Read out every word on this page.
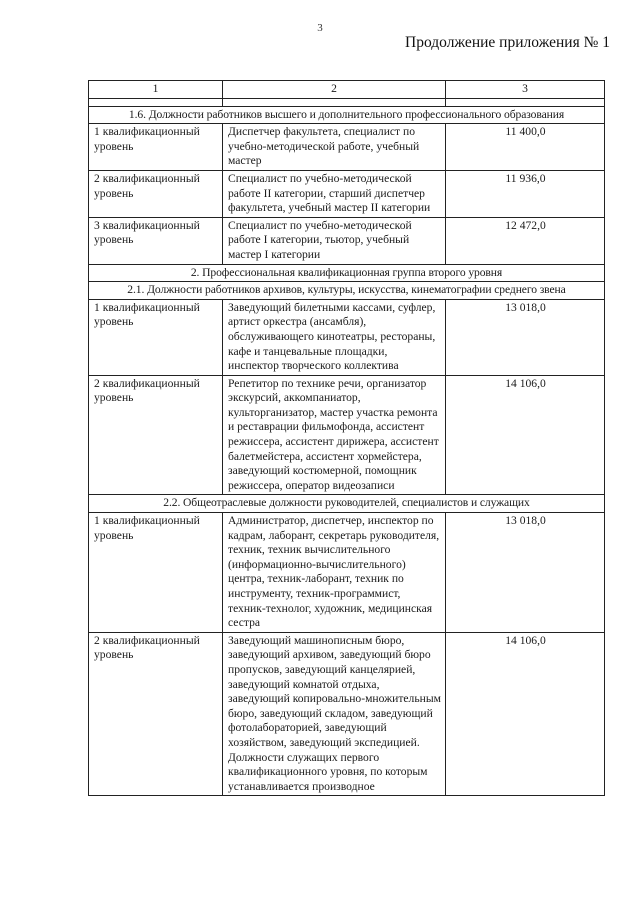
3
Продолжение приложения № 1
1	2	3

1.6. Должности работников высшего и дополнительного профессионального образования		
1 квалификационный уровень	Диспетчер факультета, специалист по учебно-методической работе, учебный мастер	11 400,0
2 квалификационный уровень	Специалист по учебно-методической работе II категории, старший диспетчер факультета, учебный мастер II категории	11 936,0
3 квалификационный уровень	Специалист по учебно-методической работе I категории, тьютор, учебный мастер I категории	12 472,0
2. Профессиональная квалификационная группа второго уровня		
2.1. Должности работников архивов, культуры, искусства, кинематографии среднего звена		
1 квалификационный уровень	Заведующий билетными кассами, суфлер, артист оркестра (ансамбля), обслуживающего кинотеатры, рестораны, кафе и танцевальные площадки, инспектор творческого коллектива	13 018,0
2 квалификационный уровень	Репетитор по технике речи, организатор экскурсий, аккомпаниатор, культорганизатор, мастер участка ремонта и реставрации фильмофонда, ассистент режиссера, ассистент дирижера, ассистент балетмейстера, ассистент хормейстера, заведующий костюмерной, помощник режиссера, оператор видеозаписи	14 106,0
2.2. Общеотраслевые должности руководителей, специалистов и служащих		
1 квалификационный уровень	Администратор, диспетчер, инспектор по кадрам, лаборант, секретарь руководителя, техник, техник вычислительного (информационно-вычислительного) центра, техник-лаборант, техник по инструменту, техник-программист, техник-технолог, художник, медицинская сестра	13 018,0
2 квалификационный уровень	Заведующий машинописным бюро, заведующий архивом, заведующий бюро пропусков, заведующий канцелярией, заведующий комнатой отдыха, заведующий копировально-множительным бюро, заведующий складом, заведующий фотолабораторией, заведующий хозяйством, заведующий экспедицией. Должности служащих первого квалификационного уровня, по которым устанавливается производное	14 106,0
